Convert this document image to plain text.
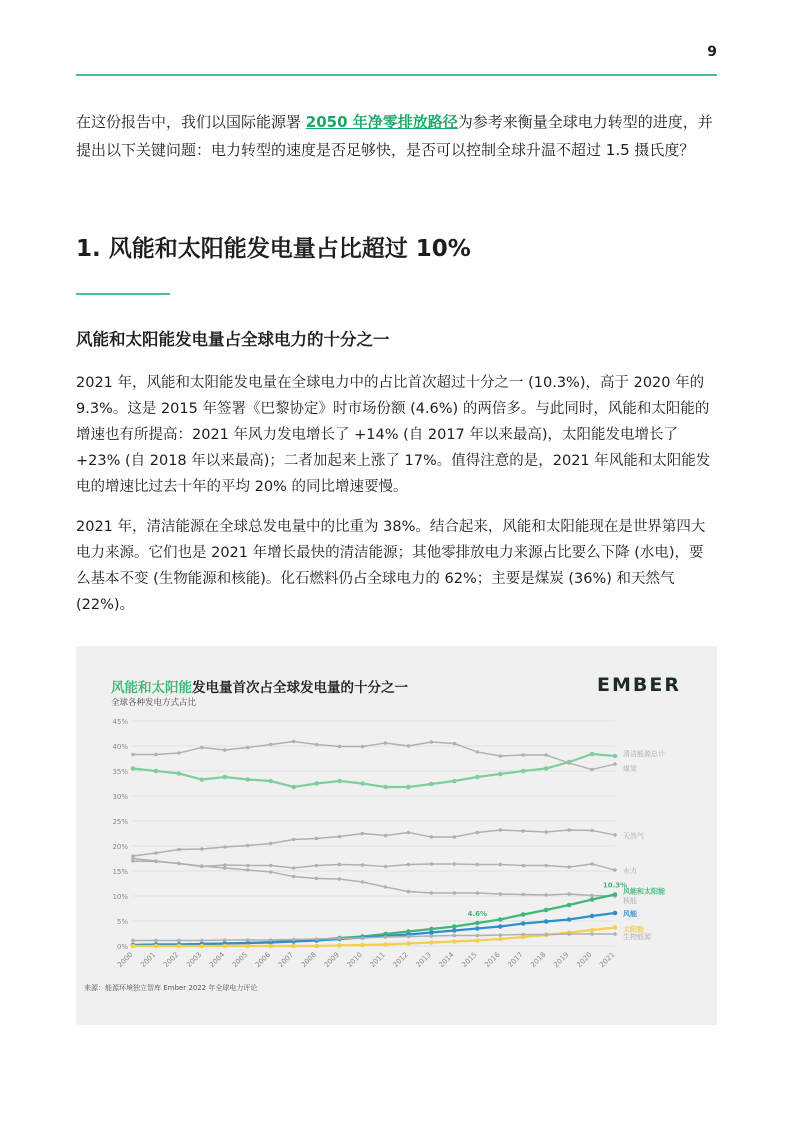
9
在这份报告中，我们以国际能源署 2050 年净零排放路径为参考来衡量全球电力转型的进度，并提出以下关键问题：电力转型的速度是否足够快，是否可以控制全球升温不超过 1.5 摄氏度？
1. 风能和太阳能发电量占比超过 10%
风能和太阳能发电量占全球电力的十分之一
2021 年，风能和太阳能发电量在全球电力中的占比首次超过十分之一 (10.3%)，高于 2020 年的 9.3%。这是 2015 年签署《巴黎协定》时市场份额 (4.6%) 的两倍多。与此同时，风能和太阳能的增速也有所提高：2021 年风力发电增长了 +14% (自 2017 年以来最高)，太阳能发电增长了 +23% (自 2018 年以来最高)；二者加起来上涨了 17%。值得注意的是，2021 年风能和太阳能发电的增速比过去十年的平均 20% 的同比增速要慢。
2021 年，清洁能源在全球总发电量中的比重为 38%。结合起来，风能和太阳能现在是世界第四大电力来源。它们也是 2021 年增长最快的清洁能源；其他零排放电力来源占比要么下降 (水电)，要么基本不变 (生物能源和核能)。化石燃料仍占全球电力的 62%；主要是煤炭 (36%) 和天然气 (22%)。
风能和太阳能发电量首次占全球发电量的十分之一
全球各种发电方式占比
EMBER
0%
5%
10%
15%
20%
25%
30%
35%
40%
45%
2000 2001 2002 2003 2004 2005 2006 2007 2008 2009 2010 2011 2012 2013 2014 2015 2016 2017 2018 2019 2020 2021
清洁能源总计
煤炭
天然气
水力
核能
风能和太阳能
风能
太阳能
生物能源
4.6%
10.3%
来源：能源环境独立智库 Ember 2022 年全球电力评论
